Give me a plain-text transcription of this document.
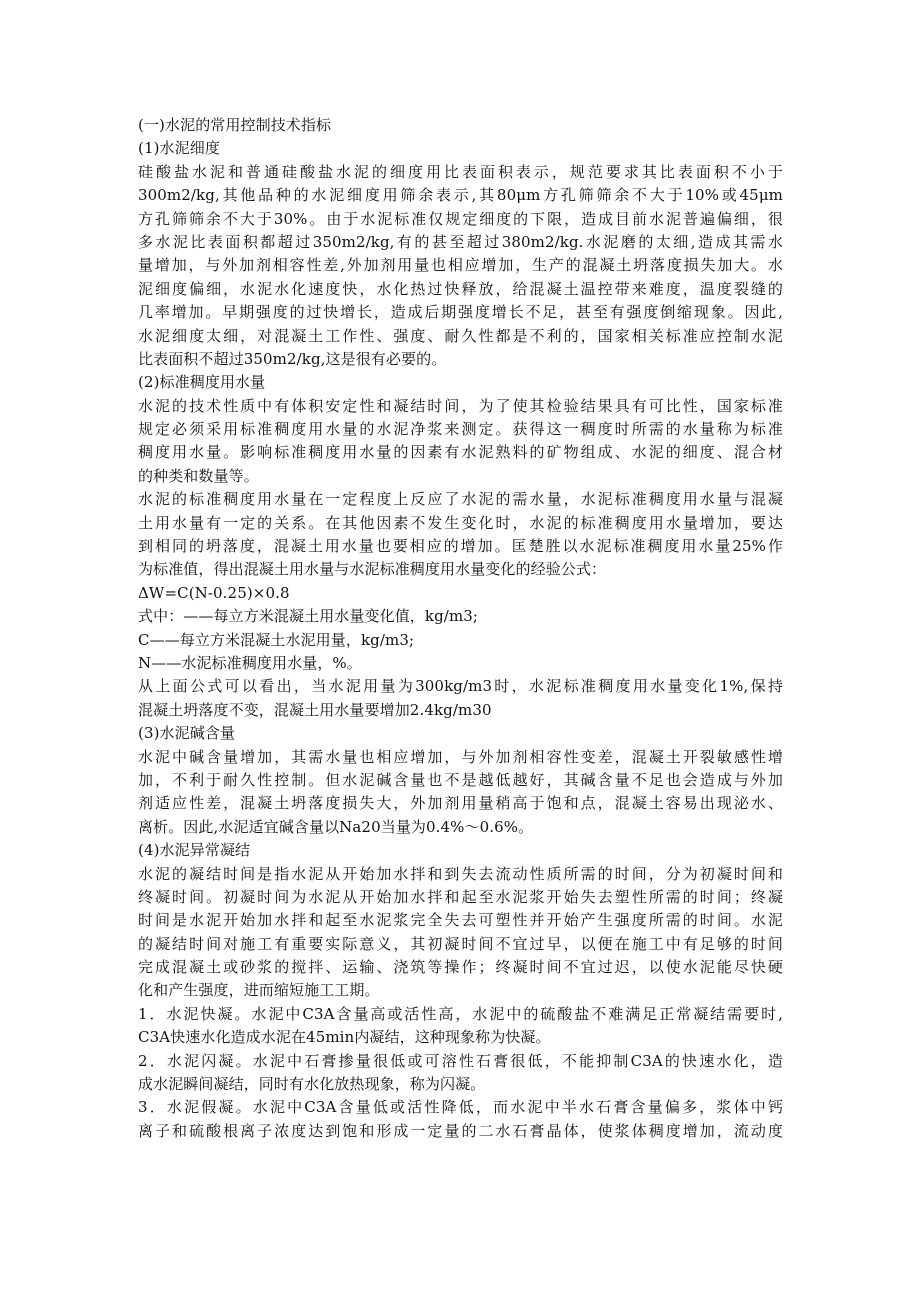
(一)水泥的常用控制技术指标
(1)水泥细度
硅酸盐水泥和普通硅酸盐水泥的细度用比表面积表示，规范要求其比表面积不小于
300m2/kg,其他品种的水泥细度用筛余表示,其80μm方孔筛筛余不大于10%或45μm
方孔筛筛余不大于30%。由于水泥标准仅规定细度的下限，造成目前水泥普遍偏细，很
多水泥比表面积都超过350m2/kg,有的甚至超过380m2/kg.水泥磨的太细,造成其需水
量增加，与外加剂相容性差,外加剂用量也相应增加，生产的混凝土坍落度损失加大。水
泥细度偏细，水泥水化速度快，水化热过快释放，给混凝土温控带来难度，温度裂缝的
几率增加。早期强度的过快增长，造成后期强度增长不足，甚至有强度倒缩现象。因此,
水泥细度太细，对混凝土工作性、强度、耐久性都是不利的，国家相关标准应控制水泥
比表面积不超过350m2/kg,这是很有必要的。
(2)标准稠度用水量
水泥的技术性质中有体积安定性和凝结时间，为了使其检验结果具有可比性，国家标准
规定必须采用标准稠度用水量的水泥净浆来测定。获得这一稠度时所需的水量称为标准
稠度用水量。影响标准稠度用水量的因素有水泥熟料的矿物组成、水泥的细度、混合材
的种类和数量等。
水泥的标准稠度用水量在一定程度上反应了水泥的需水量，水泥标准稠度用水量与混凝
土用水量有一定的关系。在其他因素不发生变化时，水泥的标准稠度用水量增加，要达
到相同的坍落度，混凝土用水量也要相应的增加。匡楚胜以水泥标准稠度用水量25%作
为标准值，得出混凝土用水量与水泥标准稠度用水量变化的经验公式：
ΔW=C(N-0.25)×0.8
式中：——每立方米混凝土用水量变化值，kg/m3;
C——每立方米混凝土水泥用量，kg/m3;
N——水泥标准稠度用水量，%。
从上面公式可以看出，当水泥用量为300kg/m3时，水泥标准稠度用水量变化1%,保持
混凝土坍落度不变，混凝土用水量要增加2.4kg/m30
(3)水泥碱含量
水泥中碱含量增加，其需水量也相应增加，与外加剂相容性变差，混凝土开裂敏感性增
加，不利于耐久性控制。但水泥碱含量也不是越低越好，其碱含量不足也会造成与外加
剂适应性差，混凝土坍落度损失大，外加剂用量稍高于饱和点，混凝土容易出现泌水、
离析。因此,水泥适宜碱含量以Na20当量为0.4%～0.6%。
(4)水泥异常凝结
水泥的凝结时间是指水泥从开始加水拌和到失去流动性质所需的时间，分为初凝时间和
终凝时间。初凝时间为水泥从开始加水拌和起至水泥浆开始失去塑性所需的时间；终凝
时间是水泥开始加水拌和起至水泥浆完全失去可塑性并开始产生强度所需的时间。水泥
的凝结时间对施工有重要实际意义，其初凝时间不宜过早，以便在施工中有足够的时间
完成混凝土或砂浆的搅拌、运输、浇筑等操作；终凝时间不宜过迟，以使水泥能尽快硬
化和产生强度，进而缩短施工工期。
1．水泥快凝。水泥中C3A含量高或活性高，水泥中的硫酸盐不难满足正常凝结需要时,
C3A快速水化造成水泥在45min内凝结，这种现象称为快凝。
2．水泥闪凝。水泥中石膏掺量很低或可溶性石膏很低，不能抑制C3A的快速水化，造
成水泥瞬间凝结，同时有水化放热现象，称为闪凝。
3．水泥假凝。水泥中C3A含量低或活性降低，而水泥中半水石膏含量偏多，浆体中钙
离子和硫酸根离子浓度达到饱和形成一定量的二水石膏晶体，使浆体稠度增加，流动度
